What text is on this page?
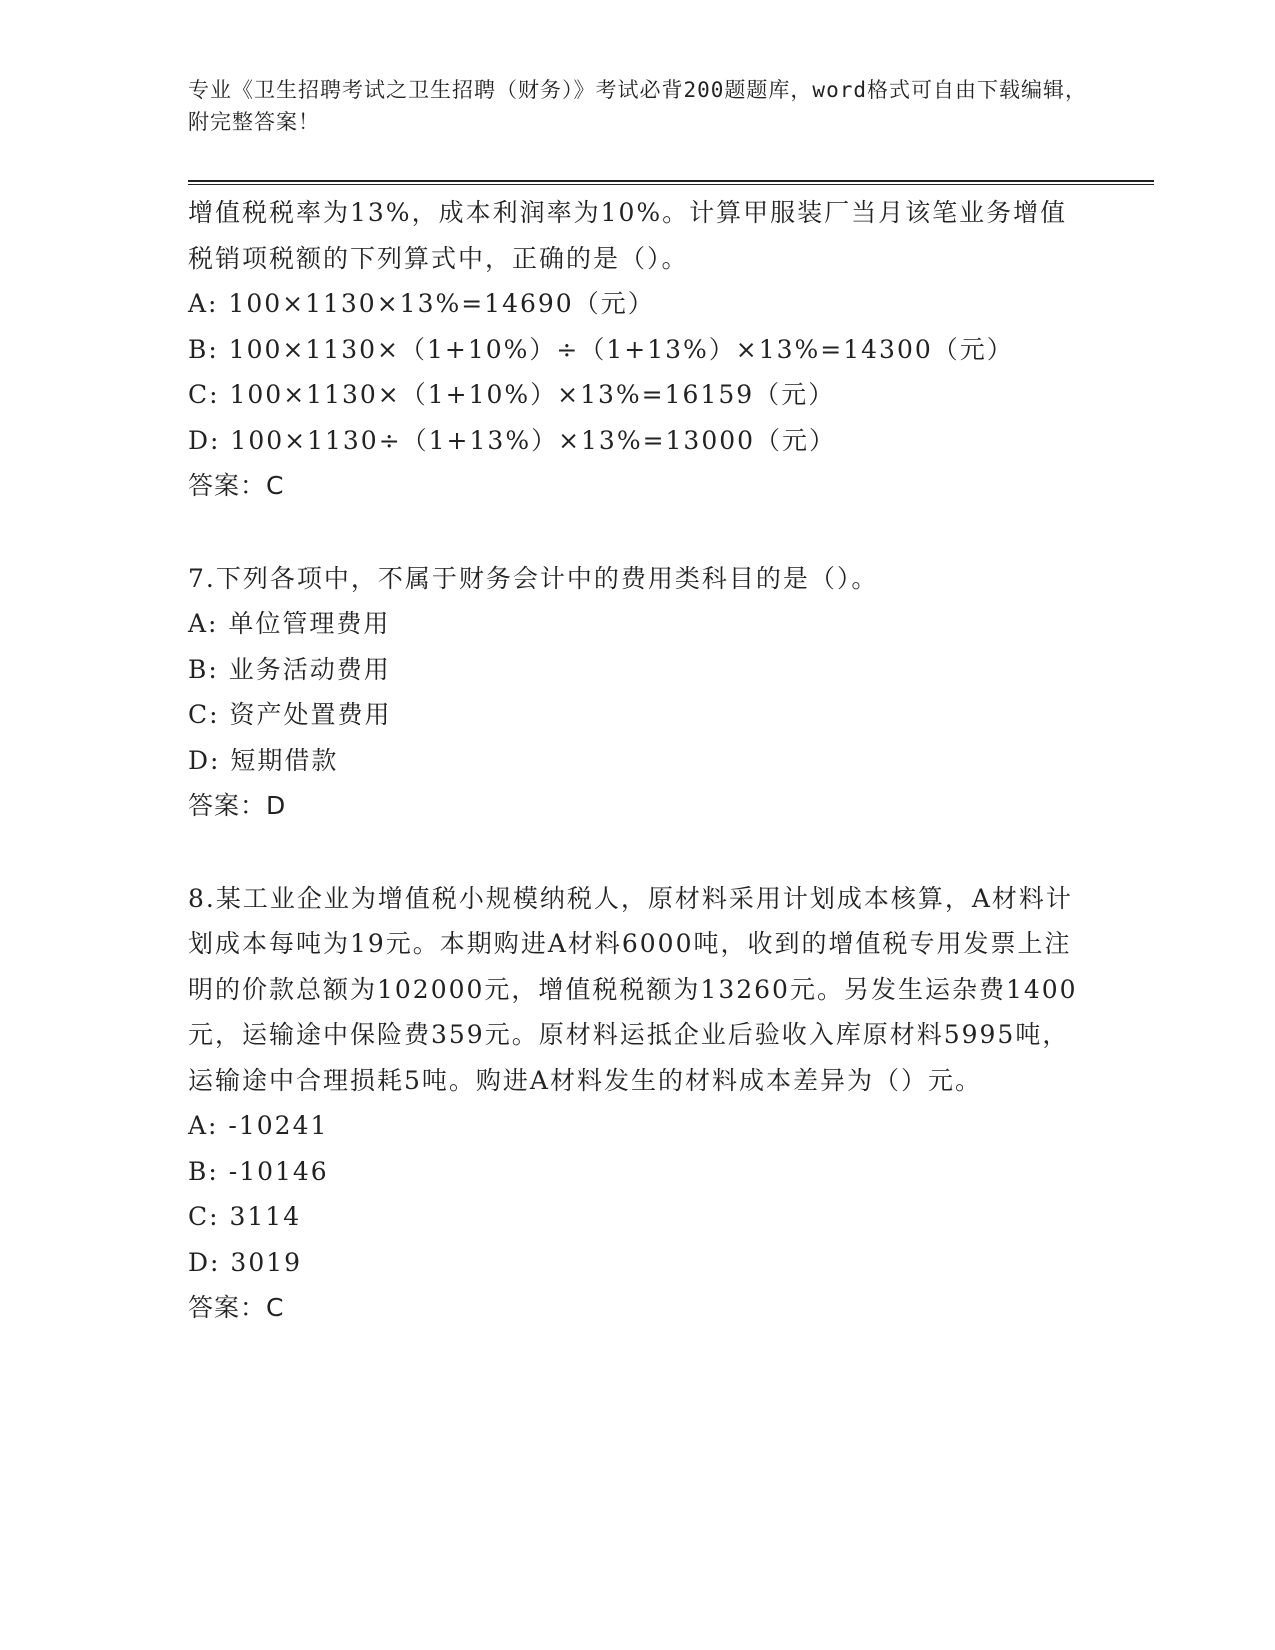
专业《卫生招聘考试之卫生招聘（财务）》考试必背200题题库，word格式可自由下载编辑，附完整答案！

增值税税率为13%，成本利润率为10%。计算甲服装厂当月该笔业务增值税销项税额的下列算式中，正确的是（）。

A: 100×1130×13%=14690（元）
B: 100×1130×（1+10%）÷（1+13%）×13%=14300（元）
C: 100×1130×（1+10%）×13%=16159（元）
D: 100×1130÷（1+13%）×13%=13000（元）
答案：C

7.下列各项中，不属于财务会计中的费用类科目的是（）。

A: 单位管理费用
B: 业务活动费用
C: 资产处置费用
D: 短期借款
答案：D

8.某工业企业为增值税小规模纳税人，原材料采用计划成本核算，A材料计划成本每吨为19元。本期购进A材料6000吨，收到的增值税专用发票上注明的价款总额为102000元，增值税税额为13260元。另发生运杂费1400元，运输途中保险费359元。原材料运抵企业后验收入库原材料5995吨，运输途中合理损耗5吨。购进A材料发生的材料成本差异为（）元。

A: -10241
B: -10146
C: 3114
D: 3019
答案：C
